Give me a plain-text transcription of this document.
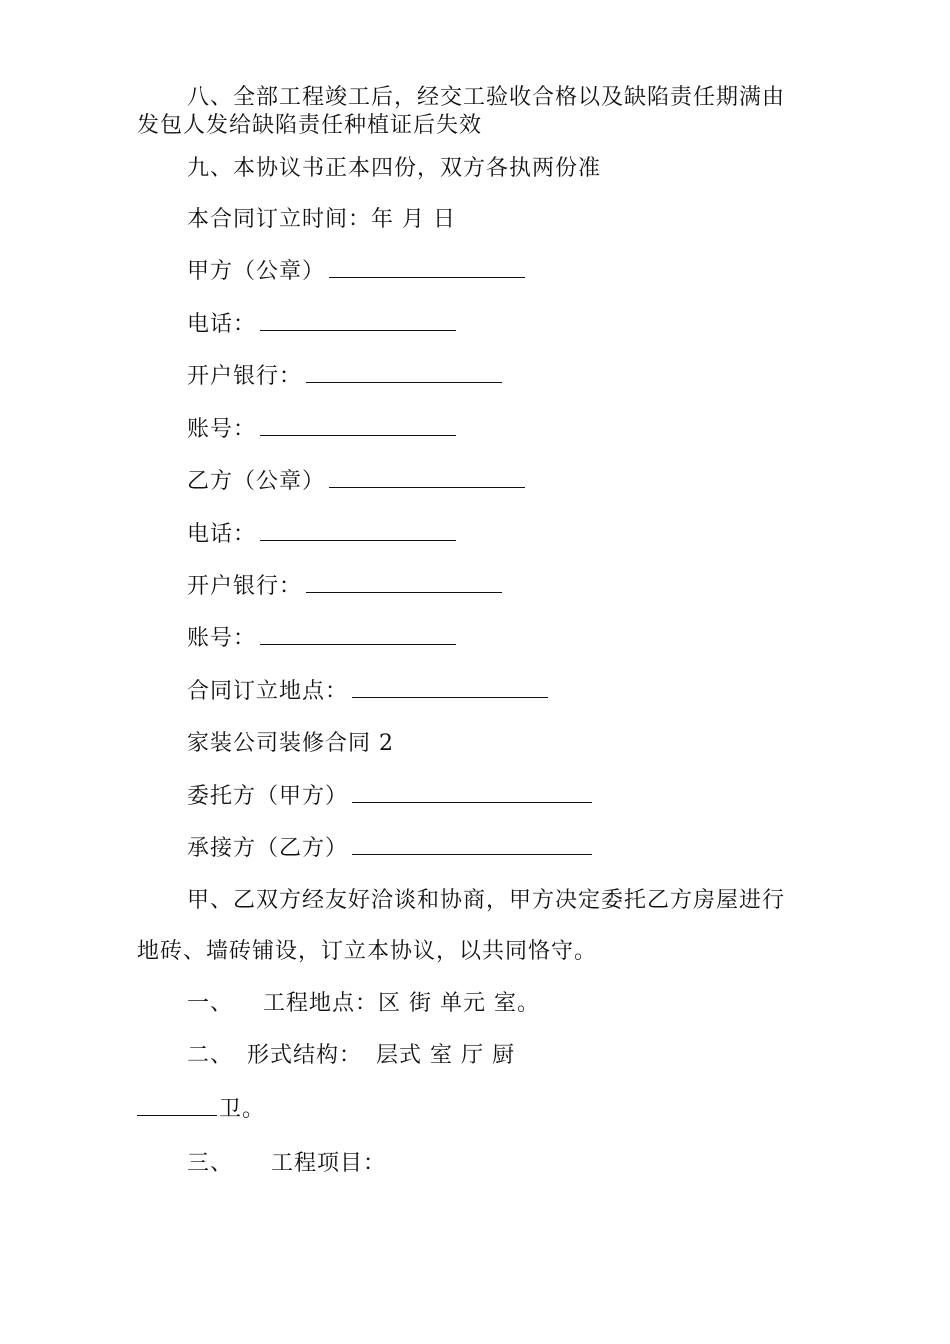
八、全部工程竣工后，经交工验收合格以及缺陷责任期满由
发包人发给缺陷责任种植证后失效
九、本协议书正本四份，双方各执两份准
本合同订立时间：年 月 日
甲方（公章）
电话：
开户银行：
账号：
乙方（公章）
电话：
开户银行：
账号：
合同订立地点：
家装公司装修合同 2
委托方（甲方）
承接方（乙方）
甲、乙双方经友好洽谈和协商，甲方决定委托乙方房屋进行
地砖、墙砖铺设，订立本协议，以共同恪守。
一、 工程地点：区 街 单元 室。
二、 形式结构： 层式 室 厅 厨
卫。
三、 工程项目：
